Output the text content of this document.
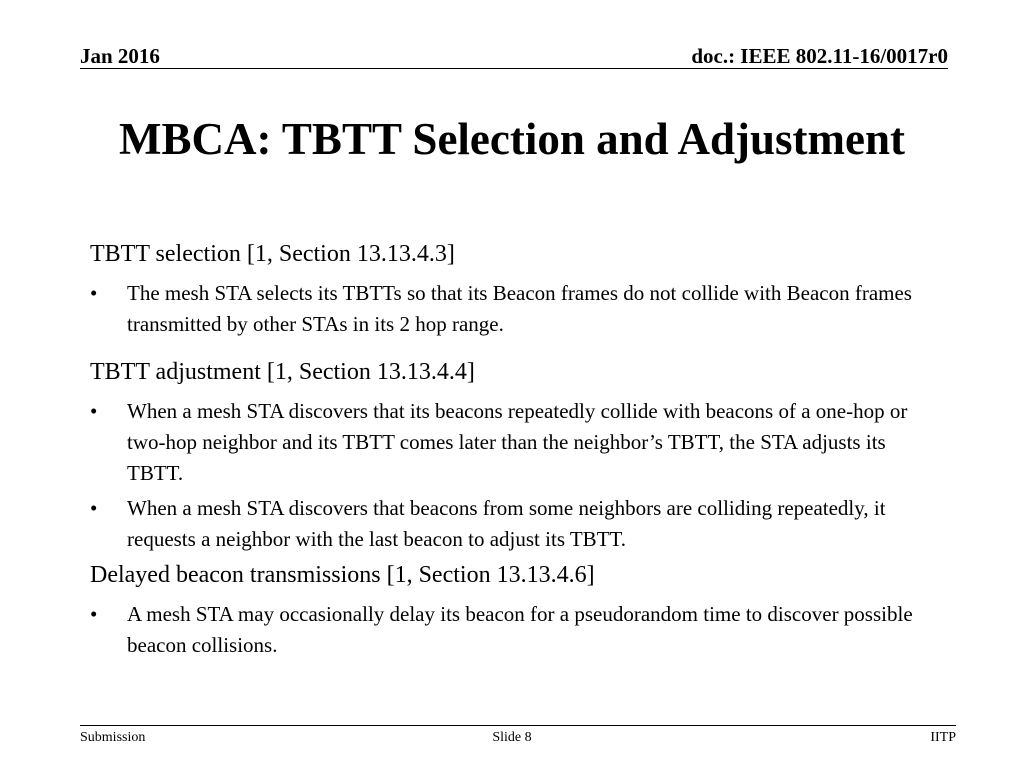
Jan 2016	doc.: IEEE 802.11-16/0017r0
MBCA: TBTT Selection and Adjustment
TBTT selection [1, Section 13.13.4.3]
•	The mesh STA selects its TBTTs so that its Beacon frames do not collide with Beacon frames transmitted by other STAs in its 2 hop range.
TBTT adjustment [1, Section 13.13.4.4]
•	When a mesh STA discovers that its beacons repeatedly collide with beacons of a one-hop or two-hop neighbor and its TBTT comes later than the neighbor’s TBTT, the STA adjusts its TBTT.
•	When a mesh STA discovers that beacons from some neighbors are colliding repeatedly, it requests a neighbor with the last beacon to adjust its TBTT.
Delayed beacon transmissions [1, Section 13.13.4.6]
•	A mesh STA may occasionally delay its beacon for a pseudorandom time to discover possible beacon collisions.
Submission	Slide 8	IITP
